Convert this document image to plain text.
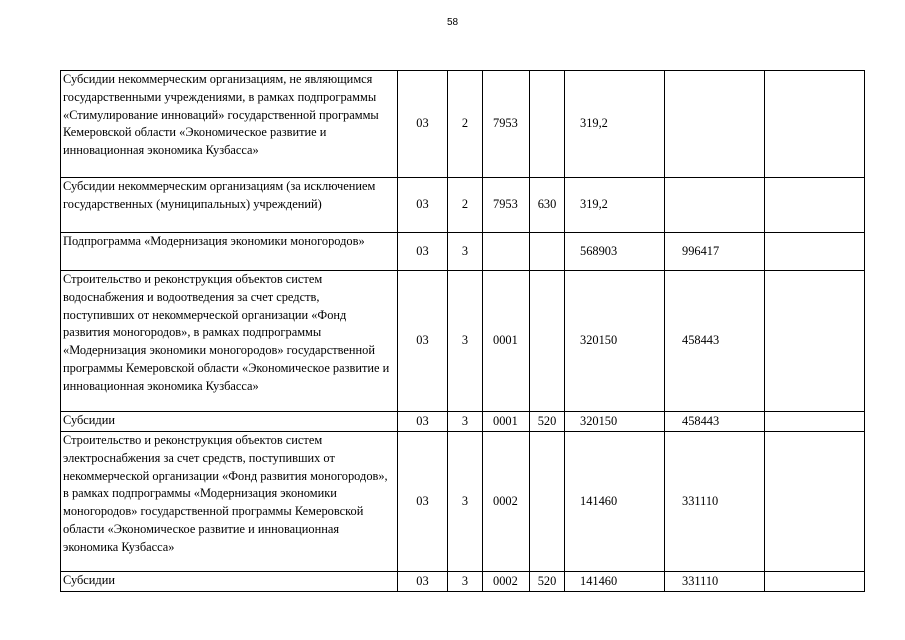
58
Субсидии некоммерческим организациям, не являющимся государственными учреждениями, в рамках подпрограммы «Стимулирование инноваций» государственной программы Кемеровской области «Экономическое развитие и инновационная экономика Кузбасса»	03	2	7953		319,2		
Субсидии некоммерческим организациям (за исключением государственных (муниципальных) учреждений)	03	2	7953	630	319,2		
Подпрограмма «Модернизация экономики моногородов»	03	3			568903	996417	
Строительство и реконструкция объектов систем водоснабжения и водоотведения за счет средств, поступивших от некоммерческой организации «Фонд развития моногородов», в рамках подпрограммы «Модернизация экономики моногородов» государственной программы Кемеровской области «Экономическое развитие и инновационная экономика Кузбасса»	03	3	0001		320150	458443	
Субсидии	03	3	0001	520	320150	458443	
Строительство и реконструкция объектов систем электроснабжения за счет средств, поступивших от некоммерческой организации «Фонд развития моногородов», в рамках подпрограммы «Модернизация экономики моногородов» государственной программы Кемеровской области «Экономическое развитие и инновационная экономика Кузбасса»	03	3	0002		141460	331110	
Субсидии	03	3	0002	520	141460	331110	
